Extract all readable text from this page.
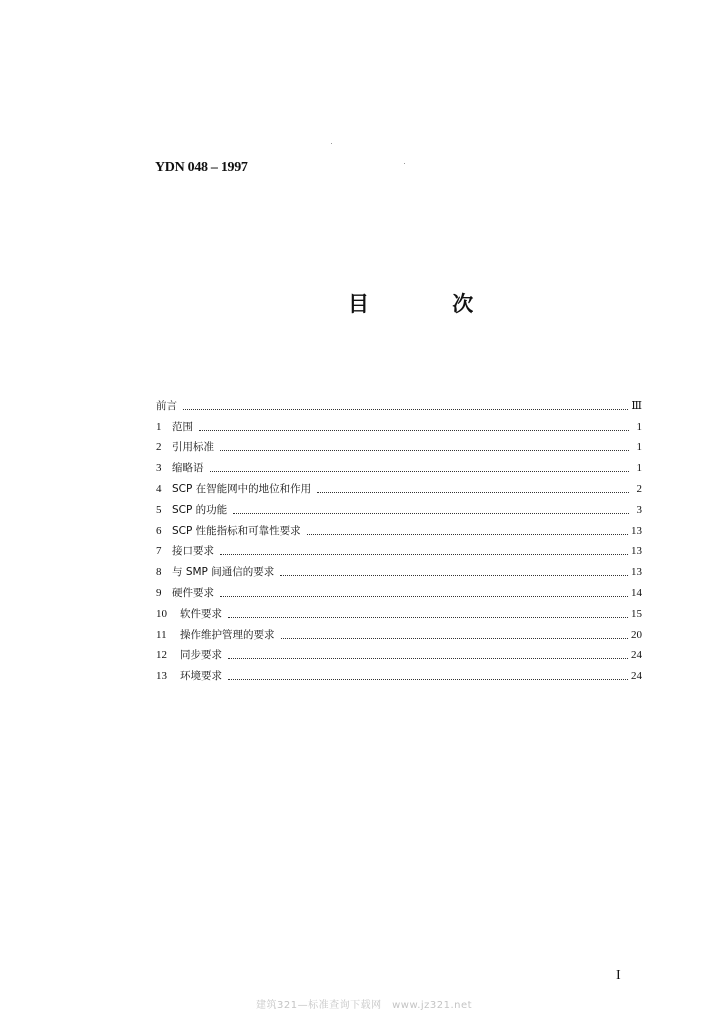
YDN 048 – 1997
目 次
前言	Ⅲ
1 范围	1
2 引用标准	1
3 缩略语	1
4 SCP 在智能网中的地位和作用	2
5 SCP 的功能	3
6 SCP 性能指标和可靠性要求	13
7 接口要求	13
8 与 SMP 间通信的要求	13
9 硬件要求	14
10 软件要求	15
11 操作维护管理的要求	20
12 同步要求	24
13 环境要求	24
I
建筑321—标准查询下载网　www.jz321.net
